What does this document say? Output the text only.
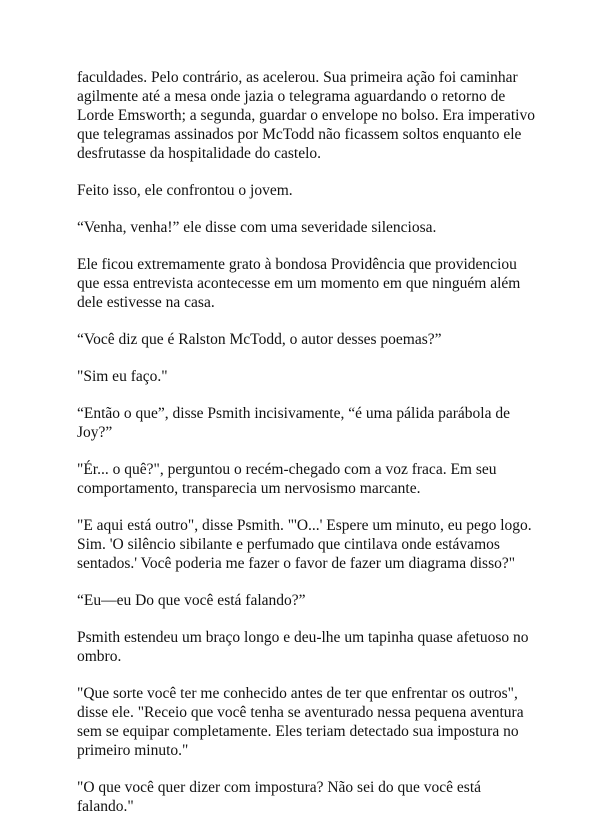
faculdades. Pelo contrário, as acelerou. Sua primeira ação foi caminhar agilmente até a mesa onde jazia o telegrama aguardando o retorno de Lorde Emsworth; a segunda, guardar o envelope no bolso. Era imperativo que telegramas assinados por McTodd não ficassem soltos enquanto ele desfrutasse da hospitalidade do castelo.

Feito isso, ele confrontou o jovem.

“Venha, venha!” ele disse com uma severidade silenciosa.

Ele ficou extremamente grato à bondosa Providência que providenciou que essa entrevista acontecesse em um momento em que ninguém além dele estivesse na casa.

“Você diz que é Ralston McTodd, o autor desses poemas?”

"Sim eu faço."

“Então o que”, disse Psmith incisivamente, “é uma pálida parábola de Joy?”

"Ér... o quê?", perguntou o recém-chegado com a voz fraca. Em seu comportamento, transparecia um nervosismo marcante.

"E aqui está outro", disse Psmith. "'O...' Espere um minuto, eu pego logo. Sim. 'O silêncio sibilante e perfumado que cintilava onde estávamos sentados.' Você poderia me fazer o favor de fazer um diagrama disso?"

“Eu—eu Do que você está falando?”

Psmith estendeu um braço longo e deu-lhe um tapinha quase afetuoso no ombro.

"Que sorte você ter me conhecido antes de ter que enfrentar os outros", disse ele. "Receio que você tenha se aventurado nessa pequena aventura sem se equipar completamente. Eles teriam detectado sua impostura no primeiro minuto."

"O que você quer dizer com impostura? Não sei do que você está falando."
